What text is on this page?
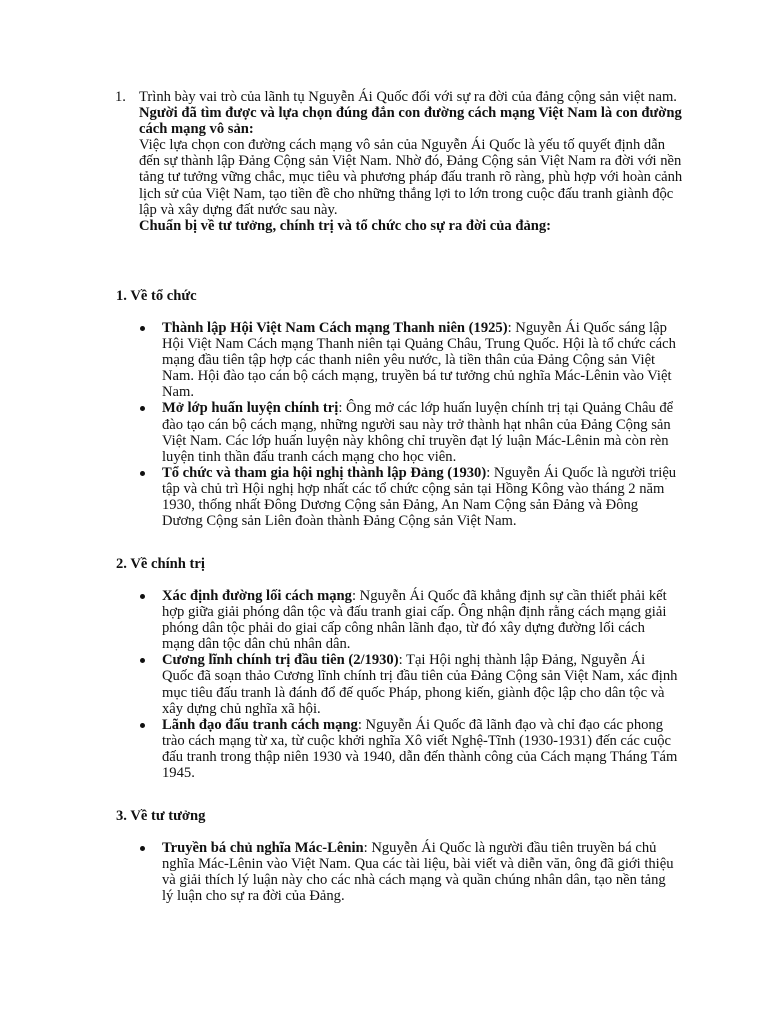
1. Trình bày vai trò của lãnh tụ Nguyễn Ái Quốc đối với sự ra đời của đảng cộng sản việt nam.

Người đã tìm được và lựa chọn đúng đắn con đường cách mạng Việt Nam là con đường cách mạng vô sản:

Việc lựa chọn con đường cách mạng vô sản của Nguyễn Ái Quốc là yếu tố quyết định dẫn đến sự thành lập Đảng Cộng sản Việt Nam. Nhờ đó, Đảng Cộng sản Việt Nam ra đời với nền tảng tư tưởng vững chắc, mục tiêu và phương pháp đấu tranh rõ ràng, phù hợp với hoàn cảnh lịch sử của Việt Nam, tạo tiền đề cho những thắng lợi to lớn trong cuộc đấu tranh giành độc lập và xây dựng đất nước sau này.

Chuẩn bị về tư tưởng, chính trị và tổ chức cho sự ra đời của đảng:

1. Về tổ chức

Thành lập Hội Việt Nam Cách mạng Thanh niên (1925): Nguyễn Ái Quốc sáng lập Hội Việt Nam Cách mạng Thanh niên tại Quảng Châu, Trung Quốc. Hội là tổ chức cách mạng đầu tiên tập hợp các thanh niên yêu nước, là tiền thân của Đảng Cộng sản Việt Nam. Hội đào tạo cán bộ cách mạng, truyền bá tư tưởng chủ nghĩa Mác-Lênin vào Việt Nam.
Mở lớp huấn luyện chính trị: Ông mở các lớp huấn luyện chính trị tại Quảng Châu để đào tạo cán bộ cách mạng, những người sau này trở thành hạt nhân của Đảng Cộng sản Việt Nam. Các lớp huấn luyện này không chỉ truyền đạt lý luận Mác-Lênin mà còn rèn luyện tinh thần đấu tranh cách mạng cho học viên.
Tổ chức và tham gia hội nghị thành lập Đảng (1930): Nguyễn Ái Quốc là người triệu tập và chủ trì Hội nghị hợp nhất các tổ chức cộng sản tại Hồng Kông vào tháng 2 năm 1930, thống nhất Đông Dương Cộng sản Đảng, An Nam Cộng sản Đảng và Đông Dương Cộng sản Liên đoàn thành Đảng Cộng sản Việt Nam.

2. Về chính trị

Xác định đường lối cách mạng: Nguyễn Ái Quốc đã khẳng định sự cần thiết phải kết hợp giữa giải phóng dân tộc và đấu tranh giai cấp. Ông nhận định rằng cách mạng giải phóng dân tộc phải do giai cấp công nhân lãnh đạo, từ đó xây dựng đường lối cách mạng dân tộc dân chủ nhân dân.
Cương lĩnh chính trị đầu tiên (2/1930): Tại Hội nghị thành lập Đảng, Nguyễn Ái Quốc đã soạn thảo Cương lĩnh chính trị đầu tiên của Đảng Cộng sản Việt Nam, xác định mục tiêu đấu tranh là đánh đổ đế quốc Pháp, phong kiến, giành độc lập cho dân tộc và xây dựng chủ nghĩa xã hội.
Lãnh đạo đấu tranh cách mạng: Nguyễn Ái Quốc đã lãnh đạo và chỉ đạo các phong trào cách mạng từ xa, từ cuộc khởi nghĩa Xô viết Nghệ-Tĩnh (1930-1931) đến các cuộc đấu tranh trong thập niên 1930 và 1940, dẫn đến thành công của Cách mạng Tháng Tám 1945.

3. Về tư tưởng

Truyền bá chủ nghĩa Mác-Lênin: Nguyễn Ái Quốc là người đầu tiên truyền bá chủ nghĩa Mác-Lênin vào Việt Nam. Qua các tài liệu, bài viết và diễn văn, ông đã giới thiệu và giải thích lý luận này cho các nhà cách mạng và quần chúng nhân dân, tạo nền tảng lý luận cho sự ra đời của Đảng.
